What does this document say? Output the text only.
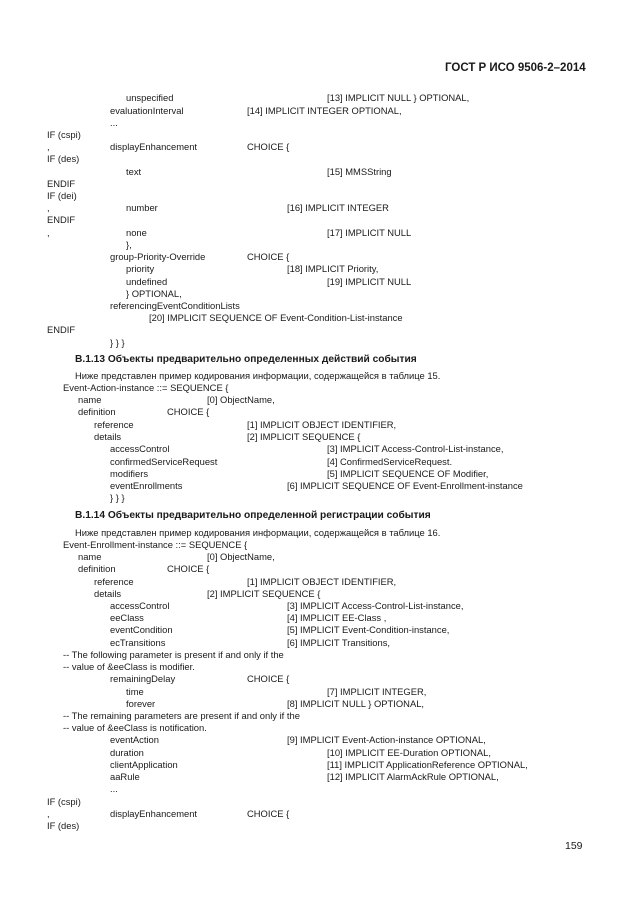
ГОСТ Р ИСО 9506-2–2014
unspecified	[13] IMPLICIT NULL } OPTIONAL,
evaluationInterval	[14] IMPLICIT INTEGER OPTIONAL,
...
IF (cspi)
,	displayEnhancement	CHOICE {
IF (des)
text	[15] MMSString
ENDIF
IF (dei)
,	number	[16] IMPLICIT INTEGER
ENDIF
,	none	[17] IMPLICIT NULL
},
group-Priority-Override	CHOICE {
priority	[18] IMPLICIT Priority,
undefined	[19] IMPLICIT NULL
} OPTIONAL,
referencingEventConditionLists
[20] IMPLICIT SEQUENCE OF Event-Condition-List-instance
ENDIF
} } }
B.1.13 Объекты предварительно определенных действий события
Ниже представлен пример кодирования информации, содержащейся в таблице 15.
Event-Action-instance ::= SEQUENCE {
name	[0] ObjectName,
definition	CHOICE {
reference	[1] IMPLICIT OBJECT IDENTIFIER,
details	[2] IMPLICIT SEQUENCE {
accessControl	[3] IMPLICIT Access-Control-List-instance,
confirmedServiceRequest	[4] ConfirmedServiceRequest.
modifiers	[5] IMPLICIT SEQUENCE OF Modifier,
eventEnrollments	[6] IMPLICIT SEQUENCE OF Event-Enrollment-instance
} } }
B.1.14 Объекты предварительно определенной регистрации события
Ниже представлен пример кодирования информации, содержащейся в таблице 16.
Event-Enrollment-instance ::= SEQUENCE {
name	[0] ObjectName,
definition	CHOICE {
reference	[1] IMPLICIT OBJECT IDENTIFIER,
details	[2] IMPLICIT SEQUENCE {
accessControl	[3] IMPLICIT Access-Control-List-instance,
eeClass	[4] IMPLICIT EE-Class ,
eventCondition	[5] IMPLICIT Event-Condition-instance,
ecTransitions	[6] IMPLICIT Transitions,
-- The following parameter is present if and only if the
-- value of &eeClass is modifier.
remainingDelay	CHOICE {
time	[7] IMPLICIT INTEGER,
forever	[8] IMPLICIT NULL } OPTIONAL,
-- The remaining parameters are present if and only if the
-- value of &eeClass is notification.
eventAction	[9] IMPLICIT Event-Action-instance OPTIONAL,
duration	[10] IMPLICIT EE-Duration OPTIONAL,
clientApplication	[11] IMPLICIT ApplicationReference OPTIONAL,
aaRule	[12] IMPLICIT AlarmAckRule OPTIONAL,
...
IF (cspi)
,	displayEnhancement	CHOICE {
IF (des)
159
